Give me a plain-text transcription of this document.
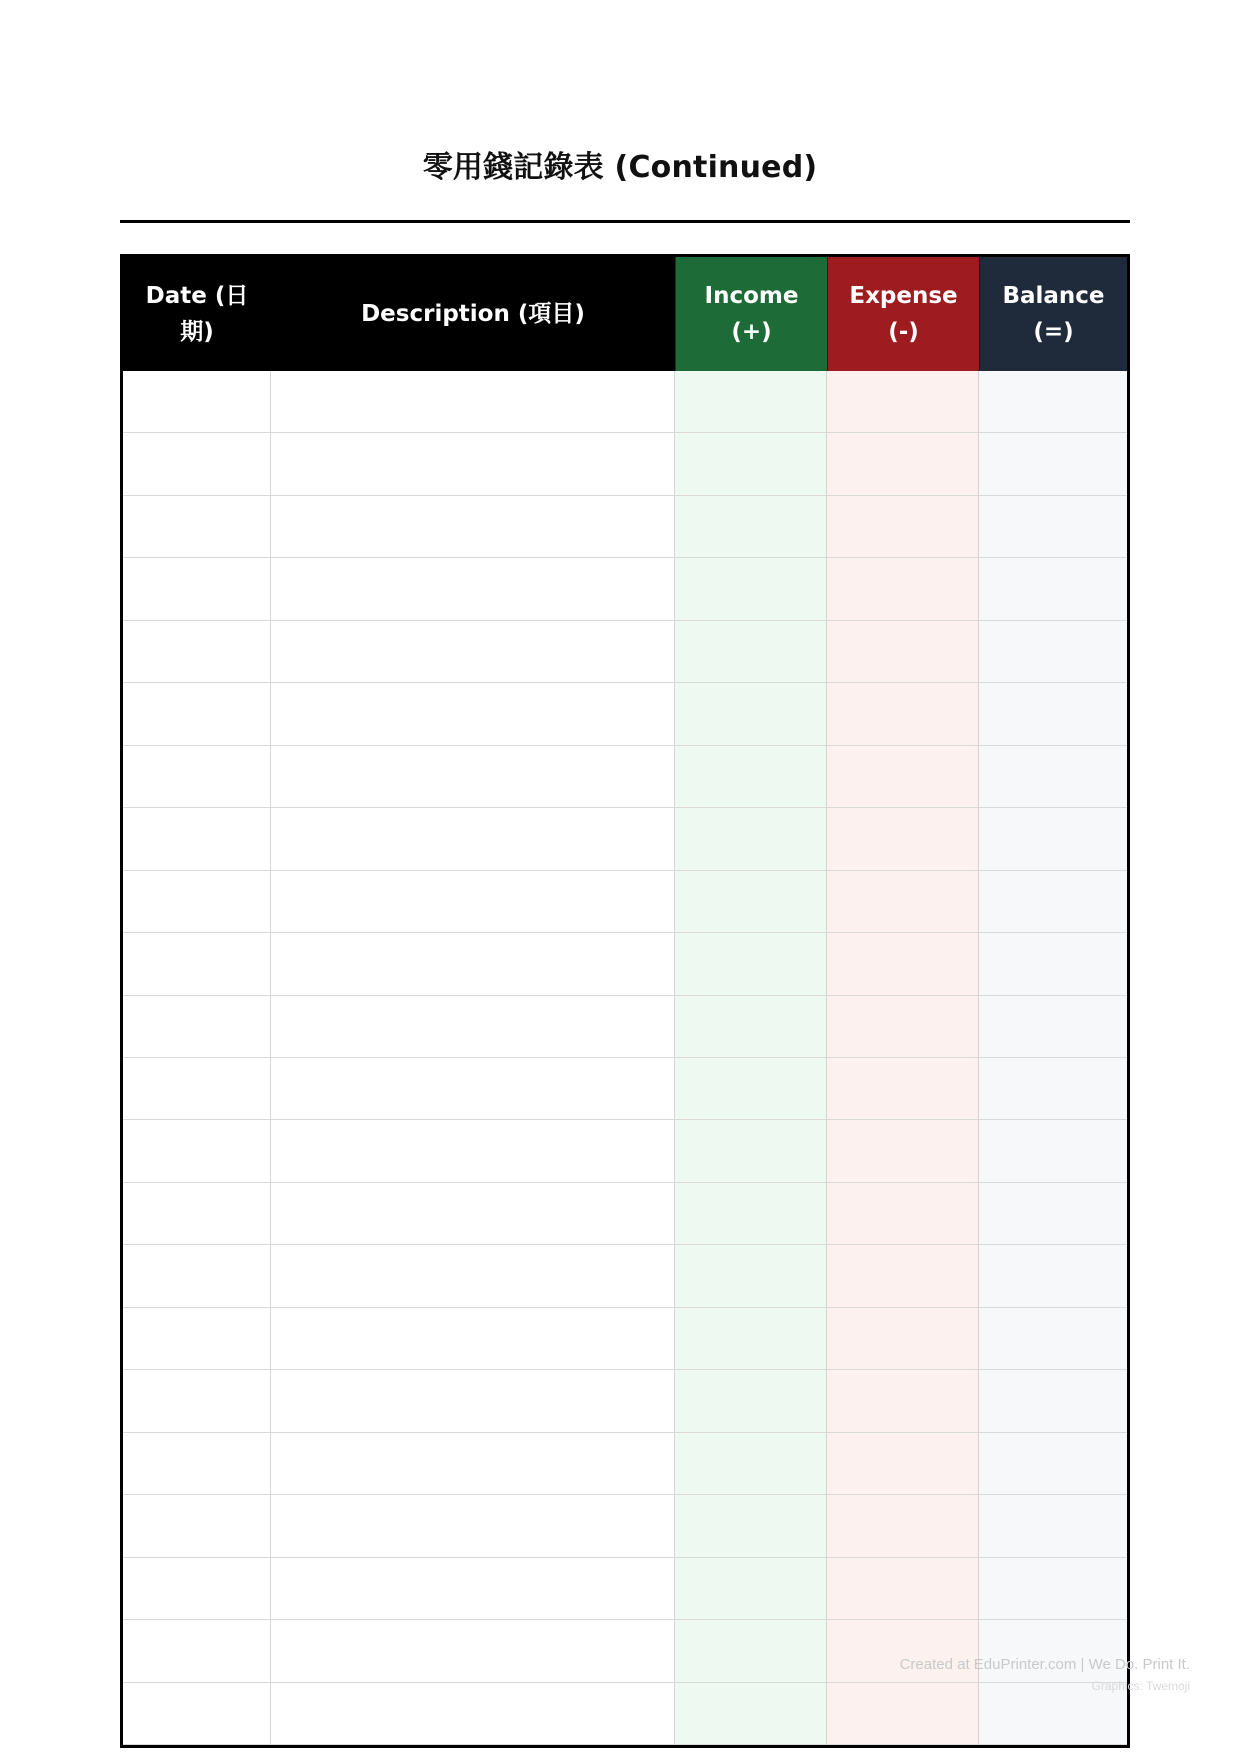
零用錢記錄表 (Continued)
Date (日
期)
Description (項目)
Income
(+)
Expense
(-)
Balance
(=)
Created at EduPrinter.com | We Do. Print It.
Graphics: Twemoji
